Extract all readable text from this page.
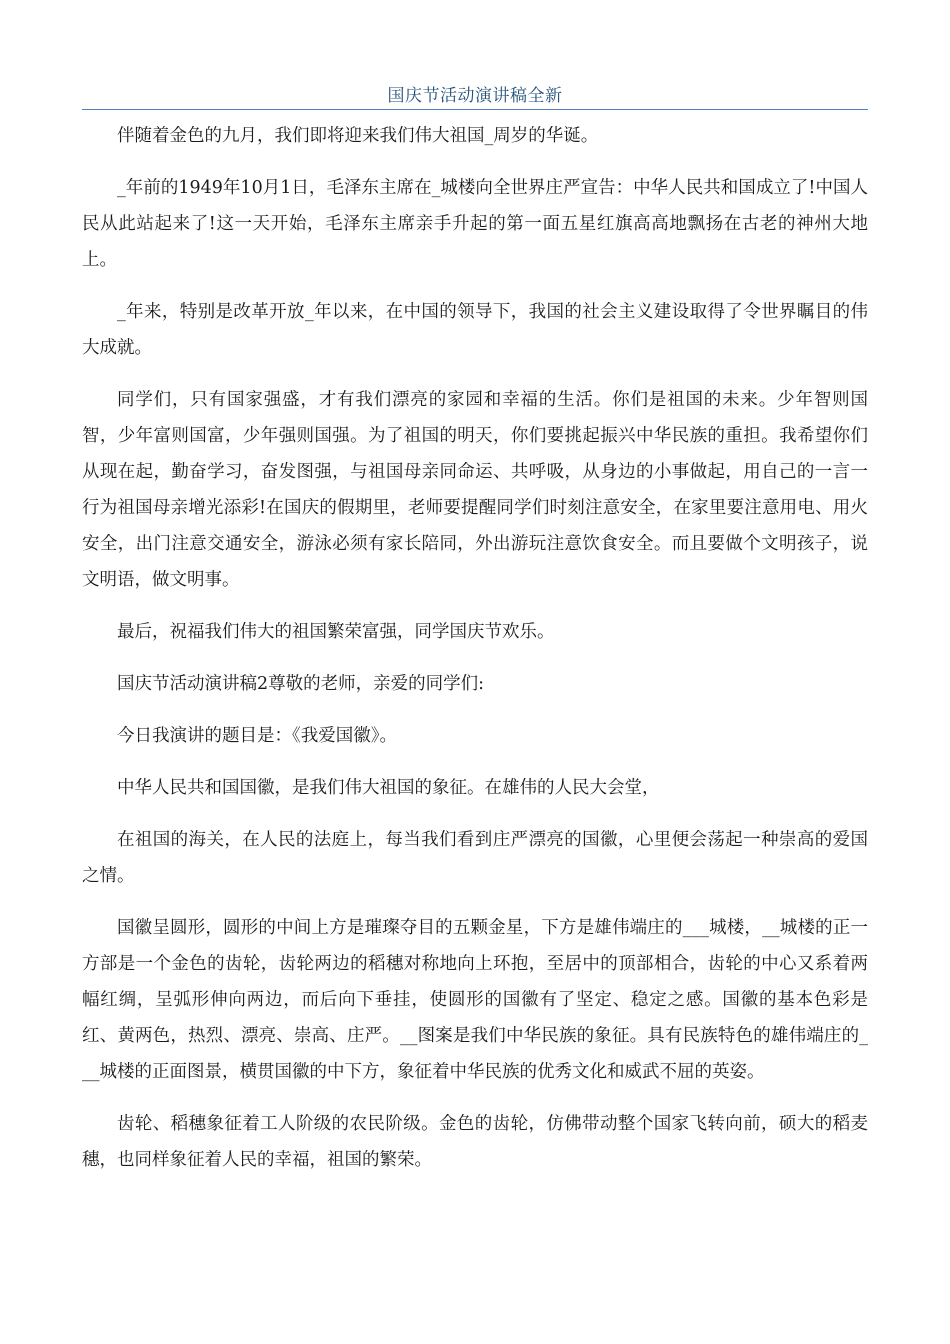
国庆节活动演讲稿全新

伴随着金色的九月，我们即将迎来我们伟大祖国_周岁的华诞。

_年前的1949年10月1日，毛泽东主席在_城楼向全世界庄严宣告：中华人民共和国成立了!中国人民从此站起来了!这一天开始，毛泽东主席亲手升起的第一面五星红旗高高地飘扬在古老的神州大地上。

_年来，特别是改革开放_年以来，在中国的领导下，我国的社会主义建设取得了令世界瞩目的伟大成就。

同学们，只有国家强盛，才有我们漂亮的家园和幸福的生活。你们是祖国的未来。少年智则国智，少年富则国富，少年强则国强。为了祖国的明天，你们要挑起振兴中华民族的重担。我希望你们从现在起，勤奋学习，奋发图强，与祖国母亲同命运、共呼吸，从身边的小事做起，用自己的一言一行为祖国母亲增光添彩!在国庆的假期里，老师要提醒同学们时刻注意安全，在家里要注意用电、用火安全，出门注意交通安全，游泳必须有家长陪同，外出游玩注意饮食安全。而且要做个文明孩子，说文明语，做文明事。

最后，祝福我们伟大的祖国繁荣富强，同学国庆节欢乐。

国庆节活动演讲稿2尊敬的老师，亲爱的同学们:

今日我演讲的题目是：《我爱国徽》。

中华人民共和国国徽，是我们伟大祖国的象征。在雄伟的人民大会堂，

在祖国的海关，在人民的法庭上，每当我们看到庄严漂亮的国徽，心里便会荡起一种崇高的爱国之情。

国徽呈圆形，圆形的中间上方是璀璨夺目的五颗金星，下方是雄伟端庄的___城楼，__城楼的正一方部是一个金色的齿轮，齿轮两边的稻穗对称地向上环抱，至居中的顶部相合，齿轮的中心又系着两幅红绸，呈弧形伸向两边，而后向下垂挂，使圆形的国徽有了坚定、稳定之感。国徽的基本色彩是红、黄两色，热烈、漂亮、崇高、庄严。__图案是我们中华民族的象征。具有民族特色的雄伟端庄的___城楼的正面图景，横贯国徽的中下方，象征着中华民族的优秀文化和威武不屈的英姿。

齿轮、稻穗象征着工人阶级的农民阶级。金色的齿轮，仿佛带动整个国家飞转向前，硕大的稻麦穗，也同样象征着人民的幸福，祖国的繁荣。
